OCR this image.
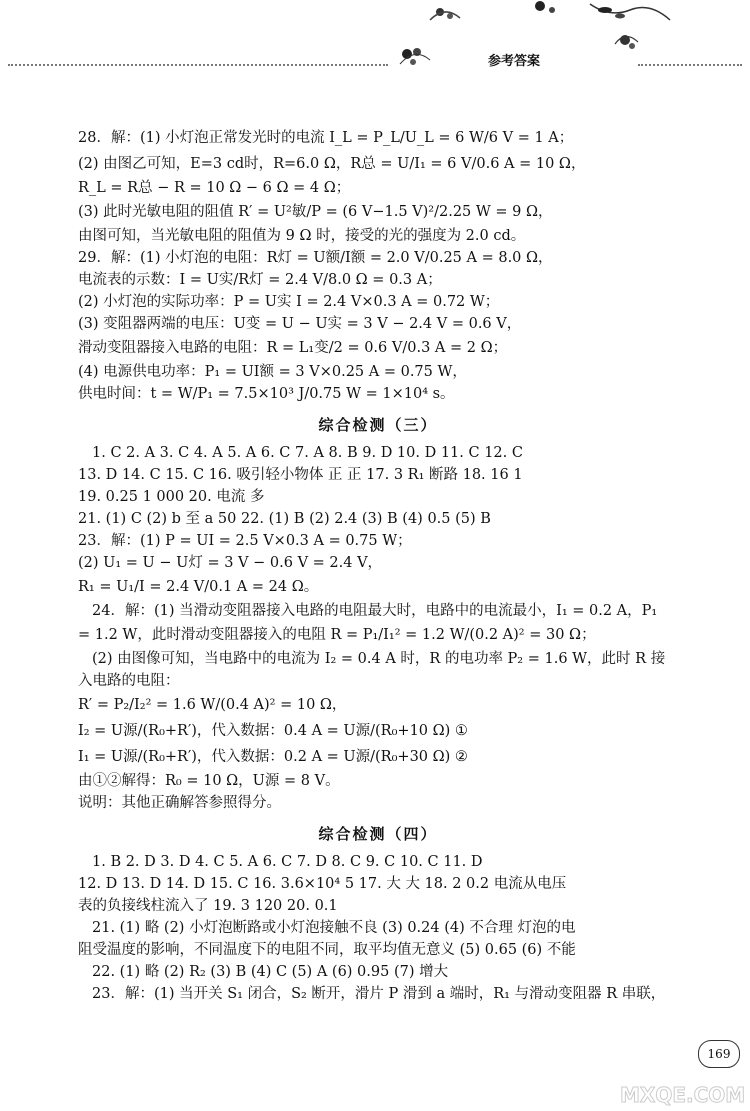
参考答案
28．解：(1) 小灯泡正常发光时的电流 I_L = P_L/U_L = 6 W/6 V = 1 A；
(2) 由图乙可知，E=3 cd时，R=6.0 Ω，R总 = U/I₁ = 6 V/0.6 A = 10 Ω，
R_L = R总 − R = 10 Ω − 6 Ω = 4 Ω；
(3) 此时光敏电阻的阻值 R′ = U²敏/P = (6 V−1.5 V)²/2.25 W = 9 Ω，
由图可知，当光敏电阻的阻值为 9 Ω 时，接受的光的强度为 2.0 cd。
29．解：(1) 小灯泡的电阻：R灯 = U额/I额 = 2.0 V/0.25 A = 8.0 Ω，
电流表的示数：I = U实/R灯 = 2.4 V/8.0 Ω = 0.3 A；
(2) 小灯泡的实际功率：P = U实 I = 2.4 V×0.3 A = 0.72 W；
(3) 变阻器两端的电压：U变 = U − U实 = 3 V − 2.4 V = 0.6 V，
滑动变阻器接入电路的电阻：R = L₁变/2 = 0.6 V/0.3 A = 2 Ω；
(4) 电源供电功率：P₁ = UI额 = 3 V×0.25 A = 0.75 W，
供电时间：t = W/P₁ = 7.5×10³ J/0.75 W = 1×10⁴ s。
综合检测（三）
1. C 2. A 3. C 4. A 5. A 6. C 7. A 8. B 9. D 10. D 11. C 12. C
13. D 14. C 15. C 16. 吸引轻小物体 正 正 17. 3 R₁ 断路 18. 16 1
19. 0.25 1 000 20. 电流 多
21. (1) C (2) b 至 a 50 22. (1) B (2) 2.4 (3) B (4) 0.5 (5) B
23．解：(1) P = UI = 2.5 V×0.3 A = 0.75 W；
(2) U₁ = U − U灯 = 3 V − 0.6 V = 2.4 V，
R₁ = U₁/I = 2.4 V/0.1 A = 24 Ω。
24．解：(1) 当滑动变阻器接入电路的电阻最大时，电路中的电流最小，I₁ = 0.2 A，P₁
= 1.2 W，此时滑动变阻器接入的电阻 R = P₁/I₁² = 1.2 W/(0.2 A)² = 30 Ω；
(2) 由图像可知，当电路中的电流为 I₂ = 0.4 A 时，R 的电功率 P₂ = 1.6 W，此时 R 接
入电路的电阻：
R′ = P₂/I₂² = 1.6 W/(0.4 A)² = 10 Ω，
I₂ = U源/(R₀+R′)，代入数据：0.4 A = U源/(R₀+10 Ω) ①
I₁ = U源/(R₀+R′)，代入数据：0.2 A = U源/(R₀+30 Ω) ②
由①②解得：R₀ = 10 Ω，U源 = 8 V。
说明：其他正确解答参照得分。
综合检测（四）
1. B 2. D 3. D 4. C 5. A 6. C 7. D 8. C 9. C 10. C 11. D
12. D 13. D 14. D 15. C 16. 3.6×10⁴ 5 17. 大 大 18. 2 0.2 电流从电压
表的负接线柱流入了 19. 3 120 20. 0.1
21. (1) 略 (2) 小灯泡断路或小灯泡接触不良 (3) 0.24 (4) 不合理 灯泡的电
阻受温度的影响，不同温度下的电阻不同，取平均值无意义 (5) 0.65 (6) 不能
22. (1) 略 (2) R₂ (3) B (4) C (5) A (6) 0.95 (7) 增大
23．解：(1) 当开关 S₁ 闭合，S₂ 断开，滑片 P 滑到 a 端时，R₁ 与滑动变阻器 R 串联，
169
MXQE.COM
